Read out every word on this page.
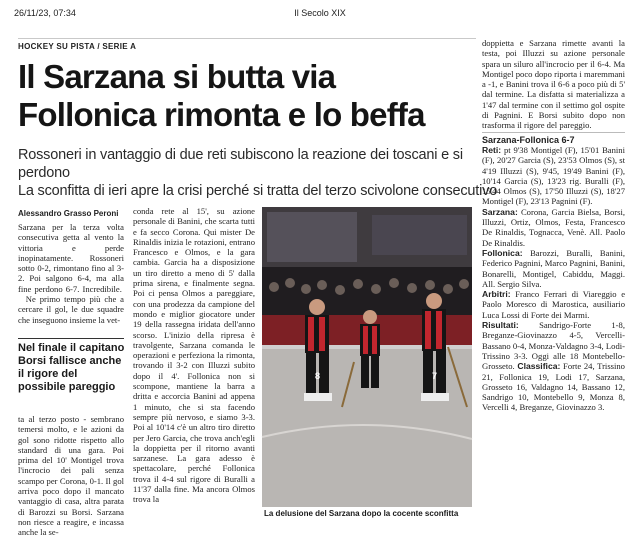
26/11/23, 07:34	Il Secolo XIX
HOCKEY SU PISTA / SERIE A
Il Sarzana si butta via
Follonica rimonta e lo beffa
Rossoneri in vantaggio di due reti subiscono la reazione dei toscani e si perdono
La sconfitta di ieri apre la crisi perché si tratta del terzo scivolone consecutivo
Alessandro Grasso Peroni

Sarzana per la terza volta consecutiva getta al vento la vittoria e perde inopinatamente. Rossoneri sotto 0-2, rimontano fino al 3-2. Poi salgono 6-4, ma alla fine perdono 6-7. Incredibile.    Ne primo tempo più che a cercare il gol, le due squadre che inseguono insieme la vet-

Nel finale il capitano Borsi fallisce anche il rigore del possibile pareggio

ta al terzo posto - sembrano temersi molto, e le azioni da gol sono ridotte rispetto allo standard di una gara. Poi prima del 10' Montigel trova l'incrocio dei pali senza scampo per Corona, 0-1. Il gol arriva poco dopo il mancato vantaggio di casa, altra parata di Barozzi su Borsi. Sarzana non riesce a reagire, e incassa anche la se-

conda rete al 15', su azione personale di Banini, che scarta tutti e fa secco Corona. Qui mister De Rinaldis inizia le rotazioni, entrano Francesco e Olmos, e la gara cambia. Garcia ha a disposizione un tiro diretto a meno di 5' dalla prima sirena, e finalmente segna. Poi ci pensa Olmos a pareggiare, con una prodezza da campione del mondo e miglior giocatore under 19 della rassegna iridata dell'anno scorso. L'inizio della ripresa è travolgente, Sarzana comanda le operazioni e perfeziona la rimonta, trovando il 3-2 con Illuzzi subito dopo il 4'. Follonica non si scompone, mantiene la barra a dritta e accorcia Banini ad appena 1 minuto, che si sta facendo sempre più nervoso, e siamo 3-3. Poi al 10'14 c'è un altro tiro diretto per Jero Garcia, che trova anch'egli la doppietta per il ritorno avanti sarzanese. La gara adesso è spettacolare, perché Follonica trova il 4-4 sul rigore di Buralli a 11'37 dalla fine. Ma ancora Olmos trova la

8	7
La delusione del Sarzana dopo la cocente sconfitta

doppietta e Sarzana rimette avanti la testa, poi Illuzzi su azione personale spara un siluro all'incrocio per il 6-4. Ma Montigel poco dopo riporta i maremmani a -1, e Banini trova il 6-6 a poco più di 5' dal termine. La disfatta si materializza a 1'47 dal termine con il settimo gol ospite di Pagnini. E Borsi subito dopo non trasforma il rigore del pareggio.

Sarzana-Follonica 6-7

Reti: pt 9'38 Montigel (F), 15'01 Banini (F), 20'27 Garcia (S), 23'53 Olmos (S), st 4'19 Illuzzi (S), 9'45, 19'49 Banini (F), 10'14 Garcia (S), 13'23 rig. Buralli (F), 15'44 Olmos (S), 17'50 Illuzzi (S), 18'27 Montigel (F), 23'13 Pagnini (F).

Sarzana: Corona, Garcia Bielsa, Borsi, Illuzzi, Ortiz, Olmos, Festa, Francesco De Rinaldis, Tognacca, Venè. All. Paolo De Rinaldis.

Follonica: Barozzi, Buralli, Banini, Federico Pagnini, Marco Pagnini, Banini, Bonarelli, Montigel, Cabiddu, Maggi. All. Sergio Silva.

Arbitri: Franco Ferrari di Viareggio e Paolo Moresco di Marostica, ausiliario Luca Lossi di Forte dei Marmi.

Risultati: Sandrigo-Forte 1-8, Breganze-Giovinazzo 4-5, Vercelli-Bassano 0-4, Monza-Valdagno 3-4, Lodi-Trissino 3-3. Oggi alle 18 Montebello-Grosseto. Classifica: Forte 24, Trissino 21, Follonica 19, Lodi 17, Sarzana, Grosseto 16, Valdagno 14, Bassano 12, Sandrigo 10, Montebello 9, Monza 8, Vercelli 4, Breganze, Giovinazzo 3.
